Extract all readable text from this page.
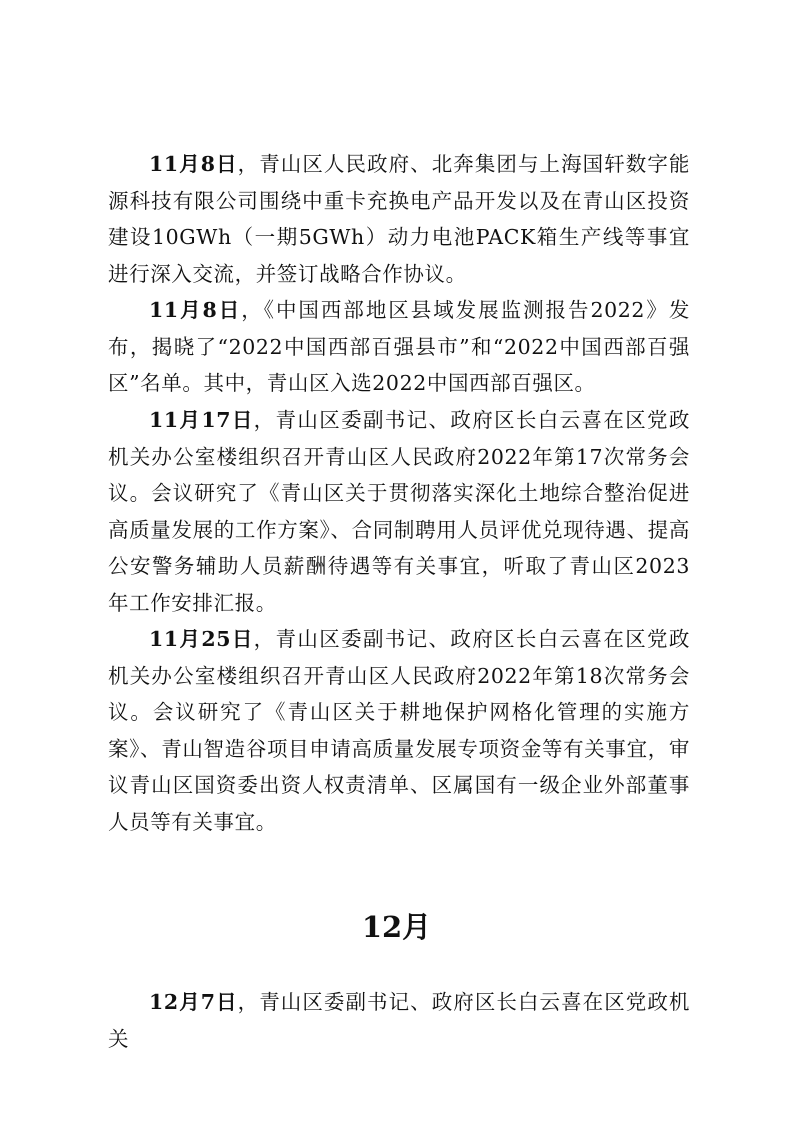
11月8日，青山区人民政府、北奔集团与上海国轩数字能源科技有限公司围绕中重卡充换电产品开发以及在青山区投资建设10GWh（一期5GWh）动力电池PACK箱生产线等事宜进行深入交流，并签订战略合作协议。

11月8日，《中国西部地区县域发展监测报告2022》发布，揭晓了“2022中国西部百强县市”和“2022中国西部百强区”名单。其中，青山区入选2022中国西部百强区。

11月17日，青山区委副书记、政府区长白云喜在区党政机关办公室楼组织召开青山区人民政府2022年第17次常务会议。会议研究了《青山区关于贯彻落实深化土地综合整治促进高质量发展的工作方案》、合同制聘用人员评优兑现待遇、提高公安警务辅助人员薪酬待遇等有关事宜，听取了青山区2023年工作安排汇报。

11月25日，青山区委副书记、政府区长白云喜在区党政机关办公室楼组织召开青山区人民政府2022年第18次常务会议。会议研究了《青山区关于耕地保护网格化管理的实施方案》、青山智造谷项目申请高质量发展专项资金等有关事宜，审议青山区国资委出资人权责清单、区属国有一级企业外部董事人员等有关事宜。

12月

12月7日，青山区委副书记、政府区长白云喜在区党政机关
